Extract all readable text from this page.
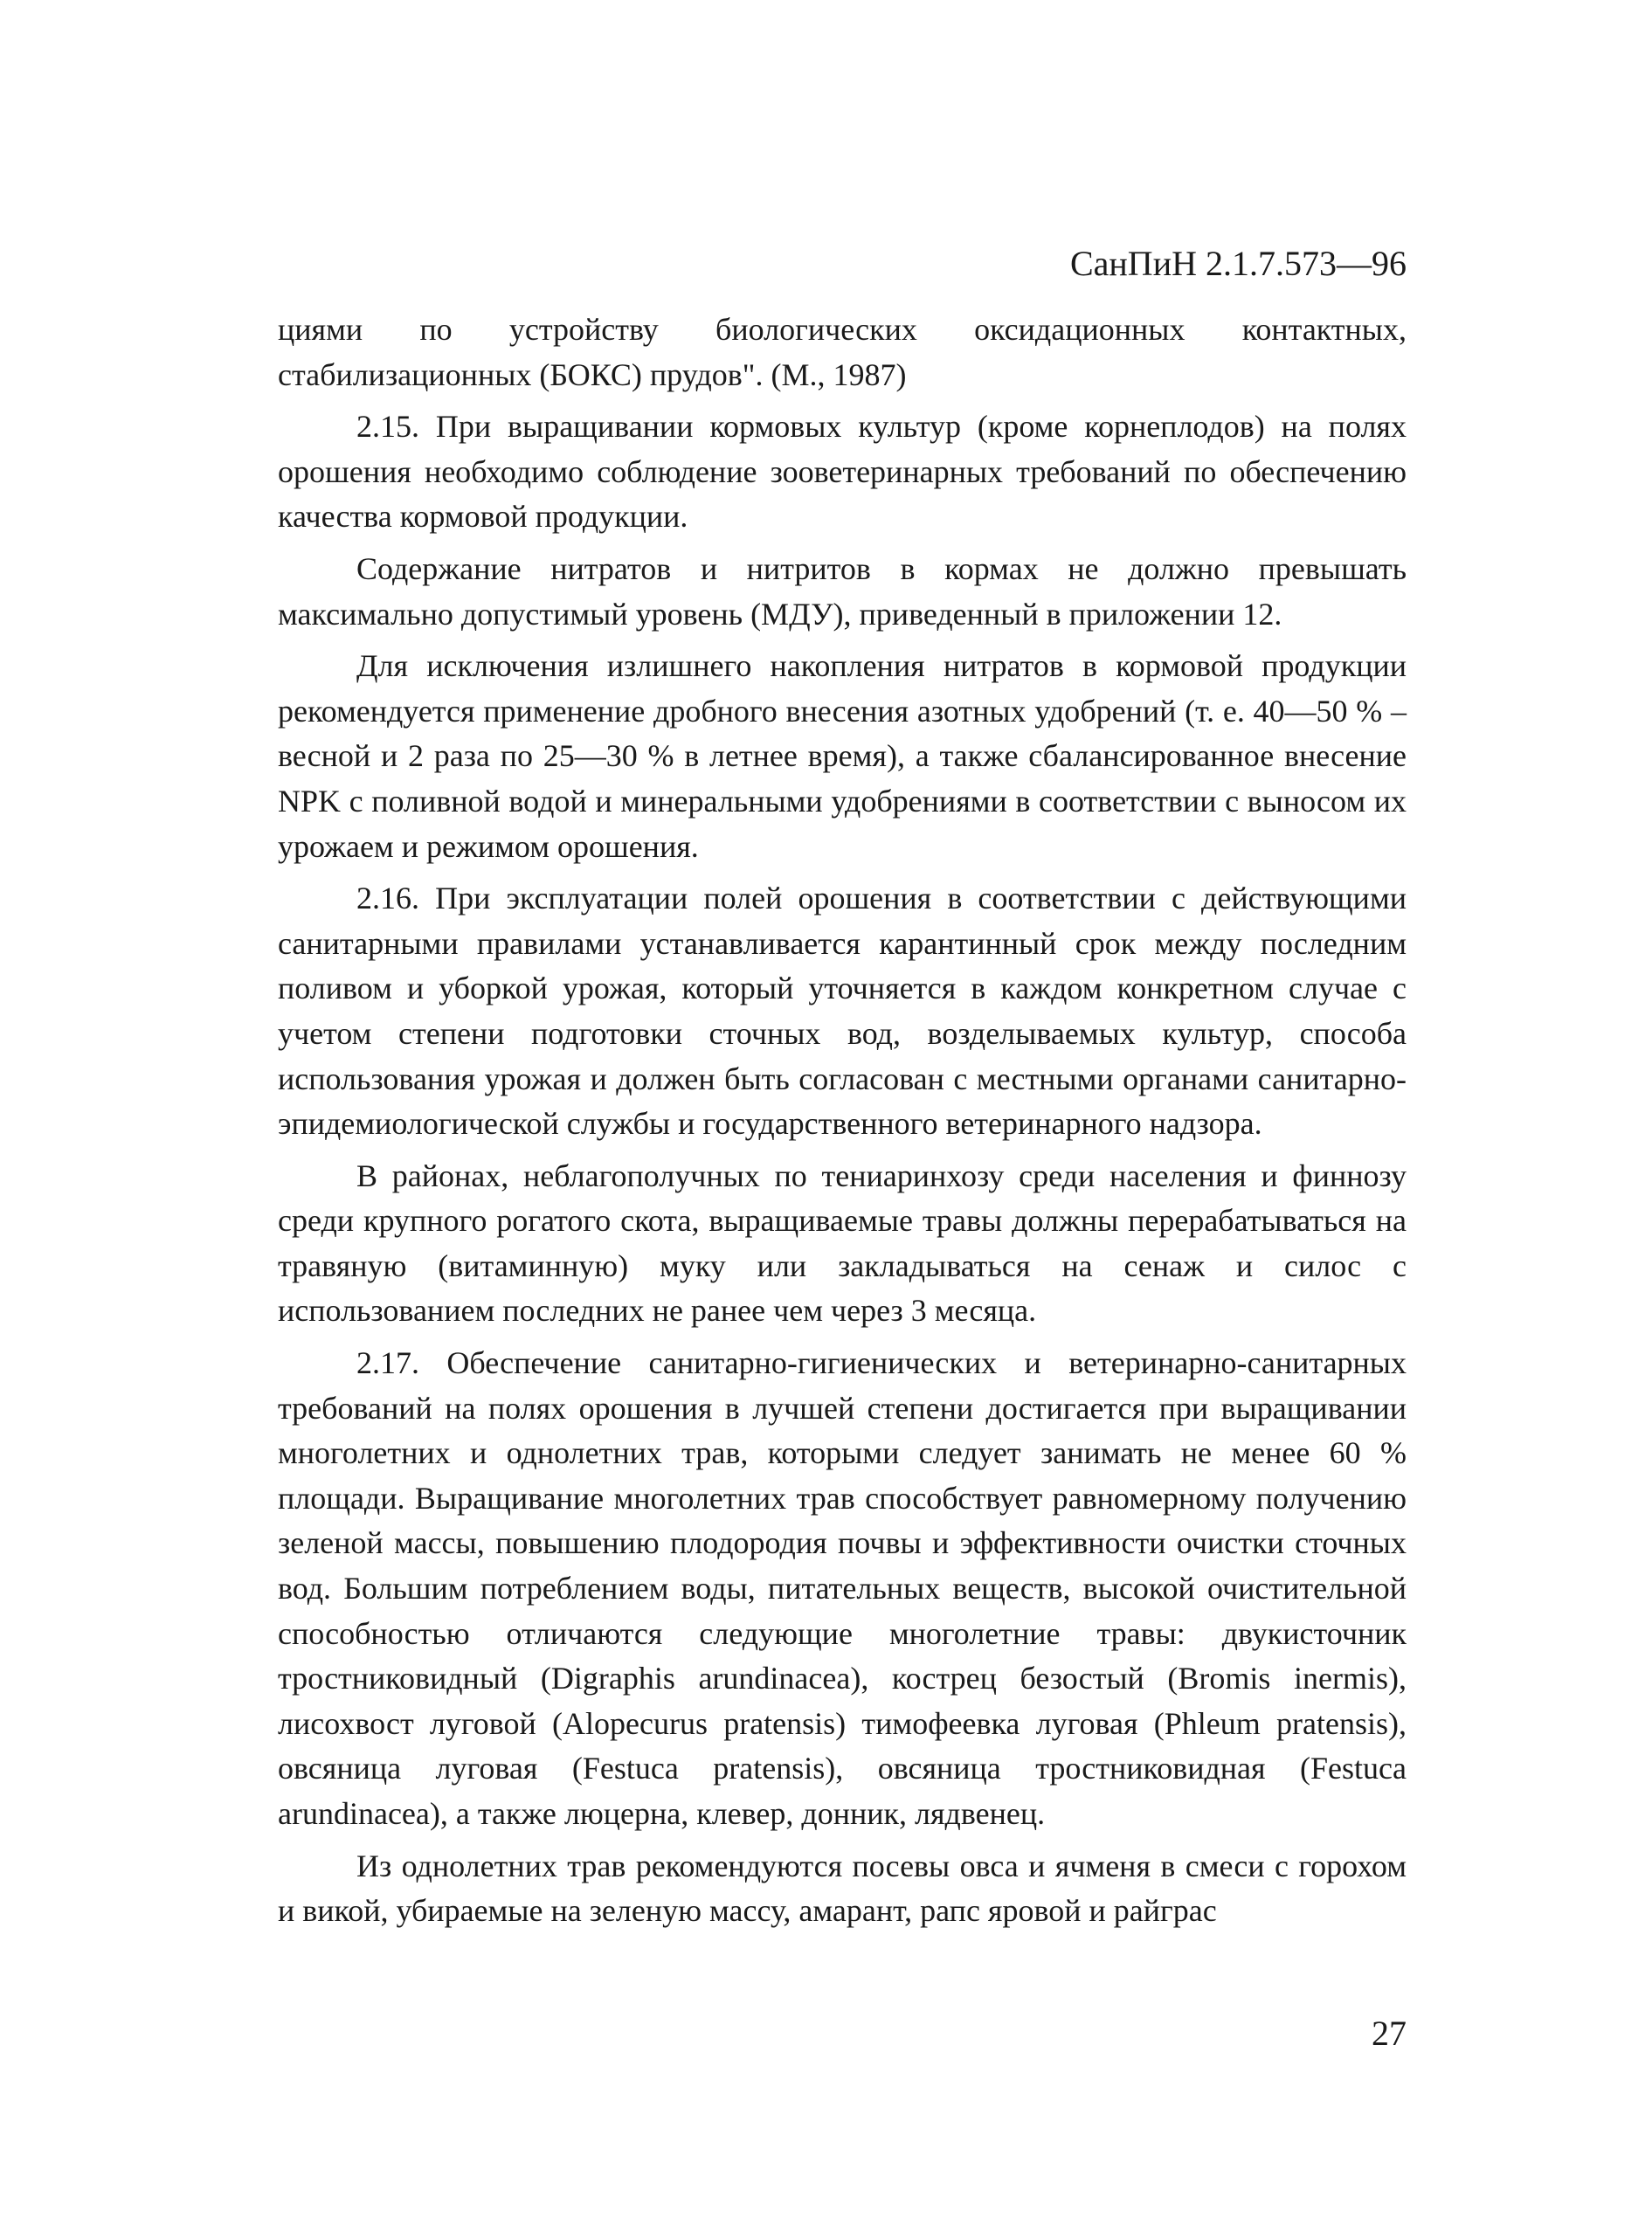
СанПиН 2.1.7.573—96

циями по устройству биологических оксидационных контактных, стабилизационных (БОКС) прудов". (М., 1987)

2.15. При выращивании кормовых культур (кроме корнеплодов) на полях орошения необходимо соблюдение зооветеринарных требований по обеспечению качества кормовой продукции.

Содержание нитратов и нитритов в кормах не должно превышать максимально допустимый уровень (МДУ), приведенный в приложении 12.

Для исключения излишнего накопления нитратов в кормовой продукции рекомендуется применение дробного внесения азотных удобрений (т. е. 40—50 % – весной и 2 раза по 25—30 % в летнее время), а также сбалансированное внесение NPK с поливной водой и минеральными удобрениями в соответствии с выносом их урожаем и режимом орошения.

2.16. При эксплуатации полей орошения в соответствии с действующими санитарными правилами устанавливается карантинный срок между последним поливом и уборкой урожая, который уточняется в каждом конкретном случае с учетом степени подготовки сточных вод, возделываемых культур, способа использования урожая и должен быть согласован с местными органами санитарно-эпидемиологической службы и государственного ветеринарного надзора.

В районах, неблагополучных по тениаринхозу среди населения и финнозу среди крупного рогатого скота, выращиваемые травы должны перерабатываться на травяную (витаминную) муку или закладываться на сенаж и силос с использованием последних не ранее чем через 3 месяца.

2.17. Обеспечение санитарно-гигиенических и ветеринарно-санитарных требований на полях орошения в лучшей степени достигается при выращивании многолетних и однолетних трав, которыми следует занимать не менее 60 % площади. Выращивание многолетних трав способствует равномерному получению зеленой массы, повышению плодородия почвы и эффективности очистки сточных вод. Большим потреблением воды, питательных веществ, высокой очистительной способностью отличаются следующие многолетние травы: двукисточник тростниковидный (Digraphis arundinacea), кострец безостый (Bromis inermis), лисохвост луговой (Alopecurus pratensis) тимофеевка луговая (Phleum pratensis), овсяница луговая (Festuca pratensis), овсяница тростниковидная (Festuca arundinacea), а также люцерна, клевер, донник, лядвенец.

Из однолетних трав рекомендуются посевы овса и ячменя в смеси с горохом и викой, убираемые на зеленую массу, амарант, рапс яровой и райграс

27
